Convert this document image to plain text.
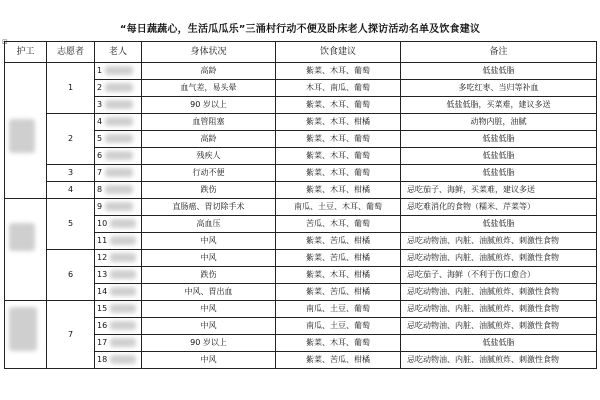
“每日蔬蔬心，生活瓜瓜乐”三涌村行动不便及卧床老人探访活动名单及饮食建议
⊞
护工	志愿者	老人	身体状况	饮食建议	备注

	1	1	高龄	紫菜、木耳、葡萄	低盐低脂
		2	血气差，易头晕	木耳、南瓜、葡萄	多吃红枣、当归等补血
		3	90 岁以上	紫菜、木耳、葡萄	低盐低脂，买菜难，建议多送
	2	4	血管阻塞	紫菜、木耳、柑橘	动物内脏，油腻
		5	高龄	紫菜、木耳、葡萄	低盐低脂
		6	残疾人	紫菜、木耳、葡萄	低盐低脂
	3	7	行动不便	紫菜、木耳、葡萄	低盐低脂
	4	8	跌伤	紫菜、木耳、柑橘	忌吃茄子、海鲜，买菜难，建议多送

	5	9	直肠癌、胃切除手术	南瓜、土豆、木耳、葡萄	忌吃难消化的食物（糯米、芹菜等）
		10	高血压	苦瓜、木耳、葡萄	低盐低脂
		11	中风	紫菜、苦瓜、柑橘	忌吃动物油、内脏、油腻煎炸、刺激性食物
	6	12	中风	紫菜、苦瓜、柑橘	忌吃动物油、内脏、油腻煎炸、刺激性食物
		13	跌伤	紫菜、木耳、柑橘	忌吃茄子、海鲜（不利于伤口愈合）
		14	中风、胃出血	紫菜、苦瓜、柑橘	忌吃动物油、内脏、油腻煎炸、刺激性食物

	7	15	中风	南瓜、土豆、葡萄	忌吃动物油、内脏、油腻煎炸、刺激性食物
		16	中风	南瓜、土豆、葡萄	忌吃动物油、内脏、油腻煎炸、刺激性食物
		17	90 岁以上	紫菜、木耳、葡萄	低盐低脂
		18	中风	紫菜、苦瓜、柑橘	忌吃动物油、内脏、油腻煎炸、刺激性食物
